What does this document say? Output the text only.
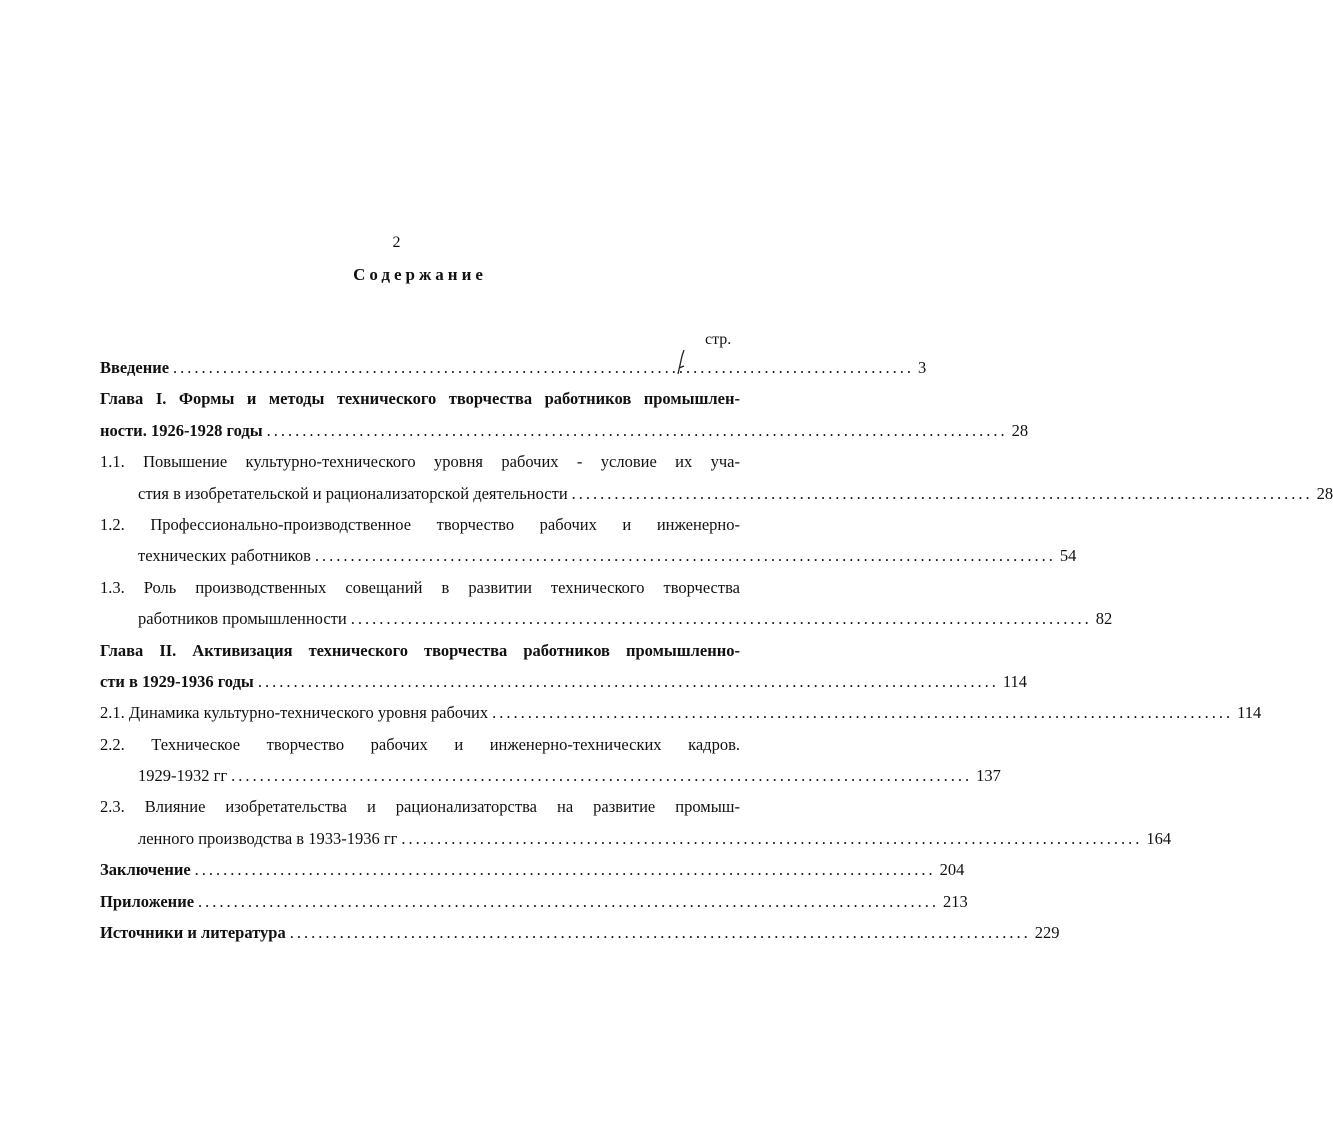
2
Содержание
стр.
Введение ........................................................................................................ 3
Глава I. Формы и методы технического творчества работников промышлен-
ности. 1926-1928 годы ........................................................................................................ 28
1.1. Повышение культурно-технического уровня рабочих - условие их уча-
стия в изобретательской и рационализаторской деятельности ........................................................................................................ 28
1.2. Профессионально-производственное творчество рабочих и инженерно-
технических работников ........................................................................................................ 54
1.3. Роль производственных совещаний в развитии технического творчества
работников промышленности ........................................................................................................ 82
Глава II. Активизация технического творчества работников промышленно-
сти в 1929-1936 годы ........................................................................................................ 114
2.1. Динамика культурно-технического уровня рабочих ........................................................................................................ 114
2.2. Техническое творчество рабочих и инженерно-технических кадров.
1929-1932 гг ........................................................................................................ 137
2.3. Влияние изобретательства и рационализаторства на развитие промыш-
ленного производства в 1933-1936 гг ........................................................................................................ 164
Заключение ........................................................................................................ 204
Приложение ........................................................................................................ 213
Источники и литература ........................................................................................................ 229
